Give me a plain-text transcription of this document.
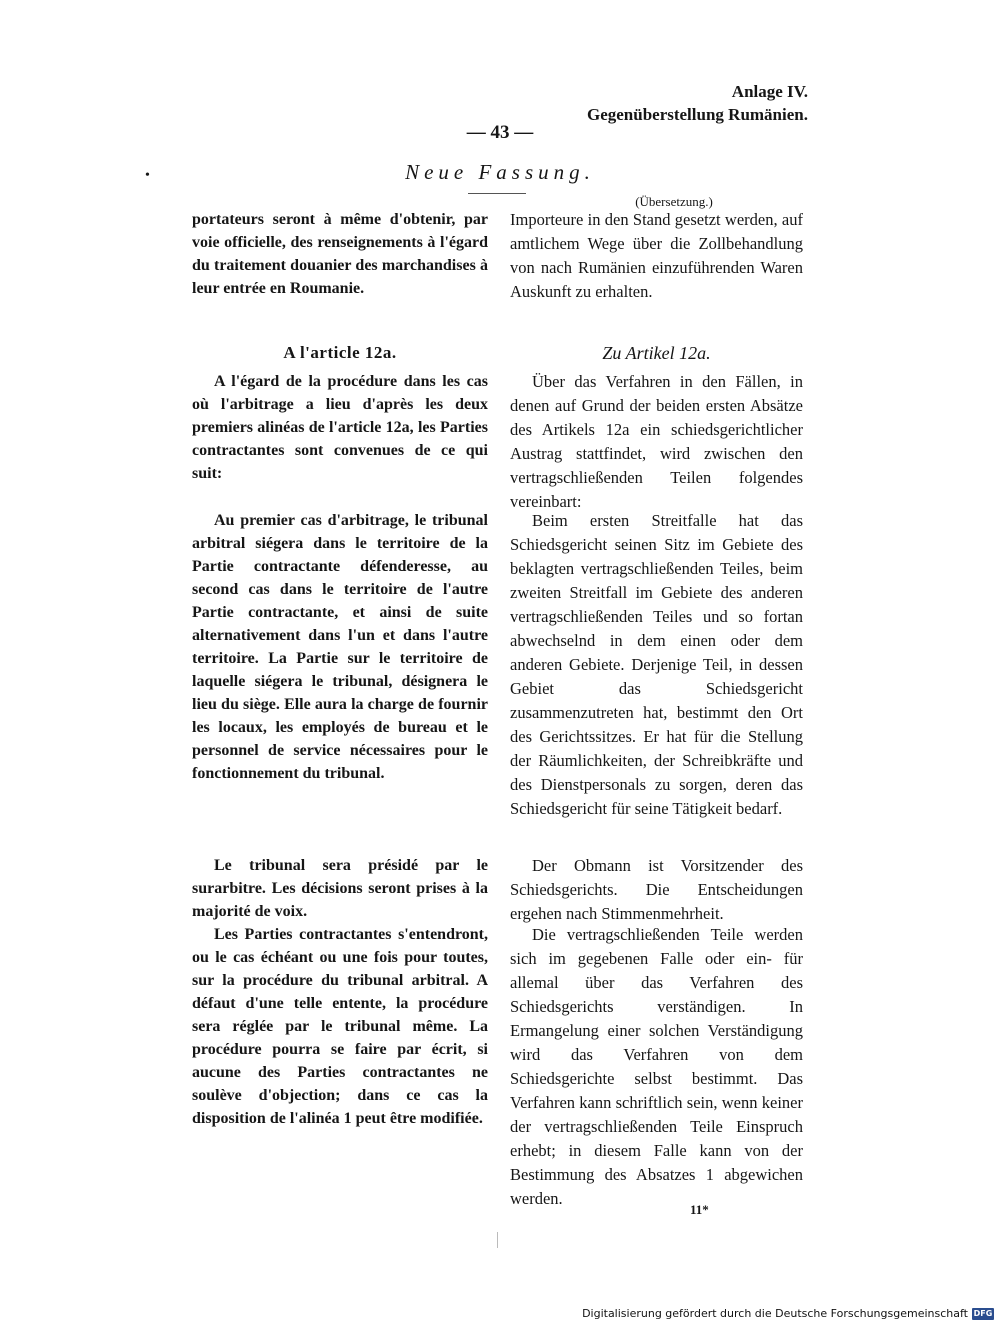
Anlage IV.
Gegenüberstellung Rumänien.
— 43 —
•	Neue Fassung.
(Übersetzung.)

portateurs seront à même d'obtenir, par voie officielle, des renseignements à l'égard du traitement douanier des marchandises à leur entrée en Roumanie.

A l'article 12a.

A l'égard de la procédure dans les cas où l'arbitrage a lieu d'après les deux premiers alinéas de l'article 12a, les Parties contractantes sont convenues de ce qui suit:

Au premier cas d'arbitrage, le tribunal arbitral siégera dans le territoire de la Partie contractante défenderesse, au second cas dans le territoire de l'autre Partie contractante, et ainsi de suite alternativement dans l'un et dans l'autre territoire. La Partie sur le territoire de laquelle siégera le tribunal, désignera le lieu du siège. Elle aura la charge de fournir les locaux, les employés de bureau et le personnel de service nécessaires pour le fonctionnement du tribunal.

Le tribunal sera présidé par le surarbitre. Les décisions seront prises à la majorité de voix.

Les Parties contractantes s'entendront, ou le cas échéant ou une fois pour toutes, sur la procédure du tribunal arbitral. A défaut d'une telle entente, la procédure sera réglée par le tribunal même. La procédure pourra se faire par écrit, si aucune des Parties contractantes ne soulève d'objection; dans ce cas la disposition de l'alinéa 1 peut être modifiée.

Importeure in den Stand gesetzt werden, auf amtlichem Wege über die Zollbehandlung von nach Rumänien einzuführenden Waren Auskunft zu erhalten.

Zu Artikel 12a.

Über das Verfahren in den Fällen, in denen auf Grund der beiden ersten Absätze des Artikels 12a ein schiedsgerichtlicher Austrag stattfindet, wird zwischen den vertragschließenden Teilen folgendes vereinbart:

Beim ersten Streitfalle hat das Schiedsgericht seinen Sitz im Gebiete des beklagten vertragschließenden Teiles, beim zweiten Streitfall im Gebiete des anderen vertragschließenden Teiles und so fortan abwechselnd in dem einen oder dem anderen Gebiete. Derjenige Teil, in dessen Gebiet das Schiedsgericht zusammenzutreten hat, bestimmt den Ort des Gerichtssitzes. Er hat für die Stellung der Räumlichkeiten, der Schreibkräfte und des Dienstpersonals zu sorgen, deren das Schiedsgericht für seine Tätigkeit bedarf.

Der Obmann ist Vorsitzender des Schiedsgerichts. Die Entscheidungen ergehen nach Stimmenmehrheit.

Die vertragschließenden Teile werden sich im gegebenen Falle oder ein- für allemal über das Verfahren des Schiedsgerichts verständigen. In Ermangelung einer solchen Verständigung wird das Verfahren von dem Schiedsgerichte selbst bestimmt. Das Verfahren kann schriftlich sein, wenn keiner der vertragschließenden Teile Einspruch erhebt; in diesem Falle kann von der Bestimmung des Absatzes 1 abgewichen werden.

11*
Digitalisierung gefördert durch die Deutsche Forschungsgemeinschaft DFG
